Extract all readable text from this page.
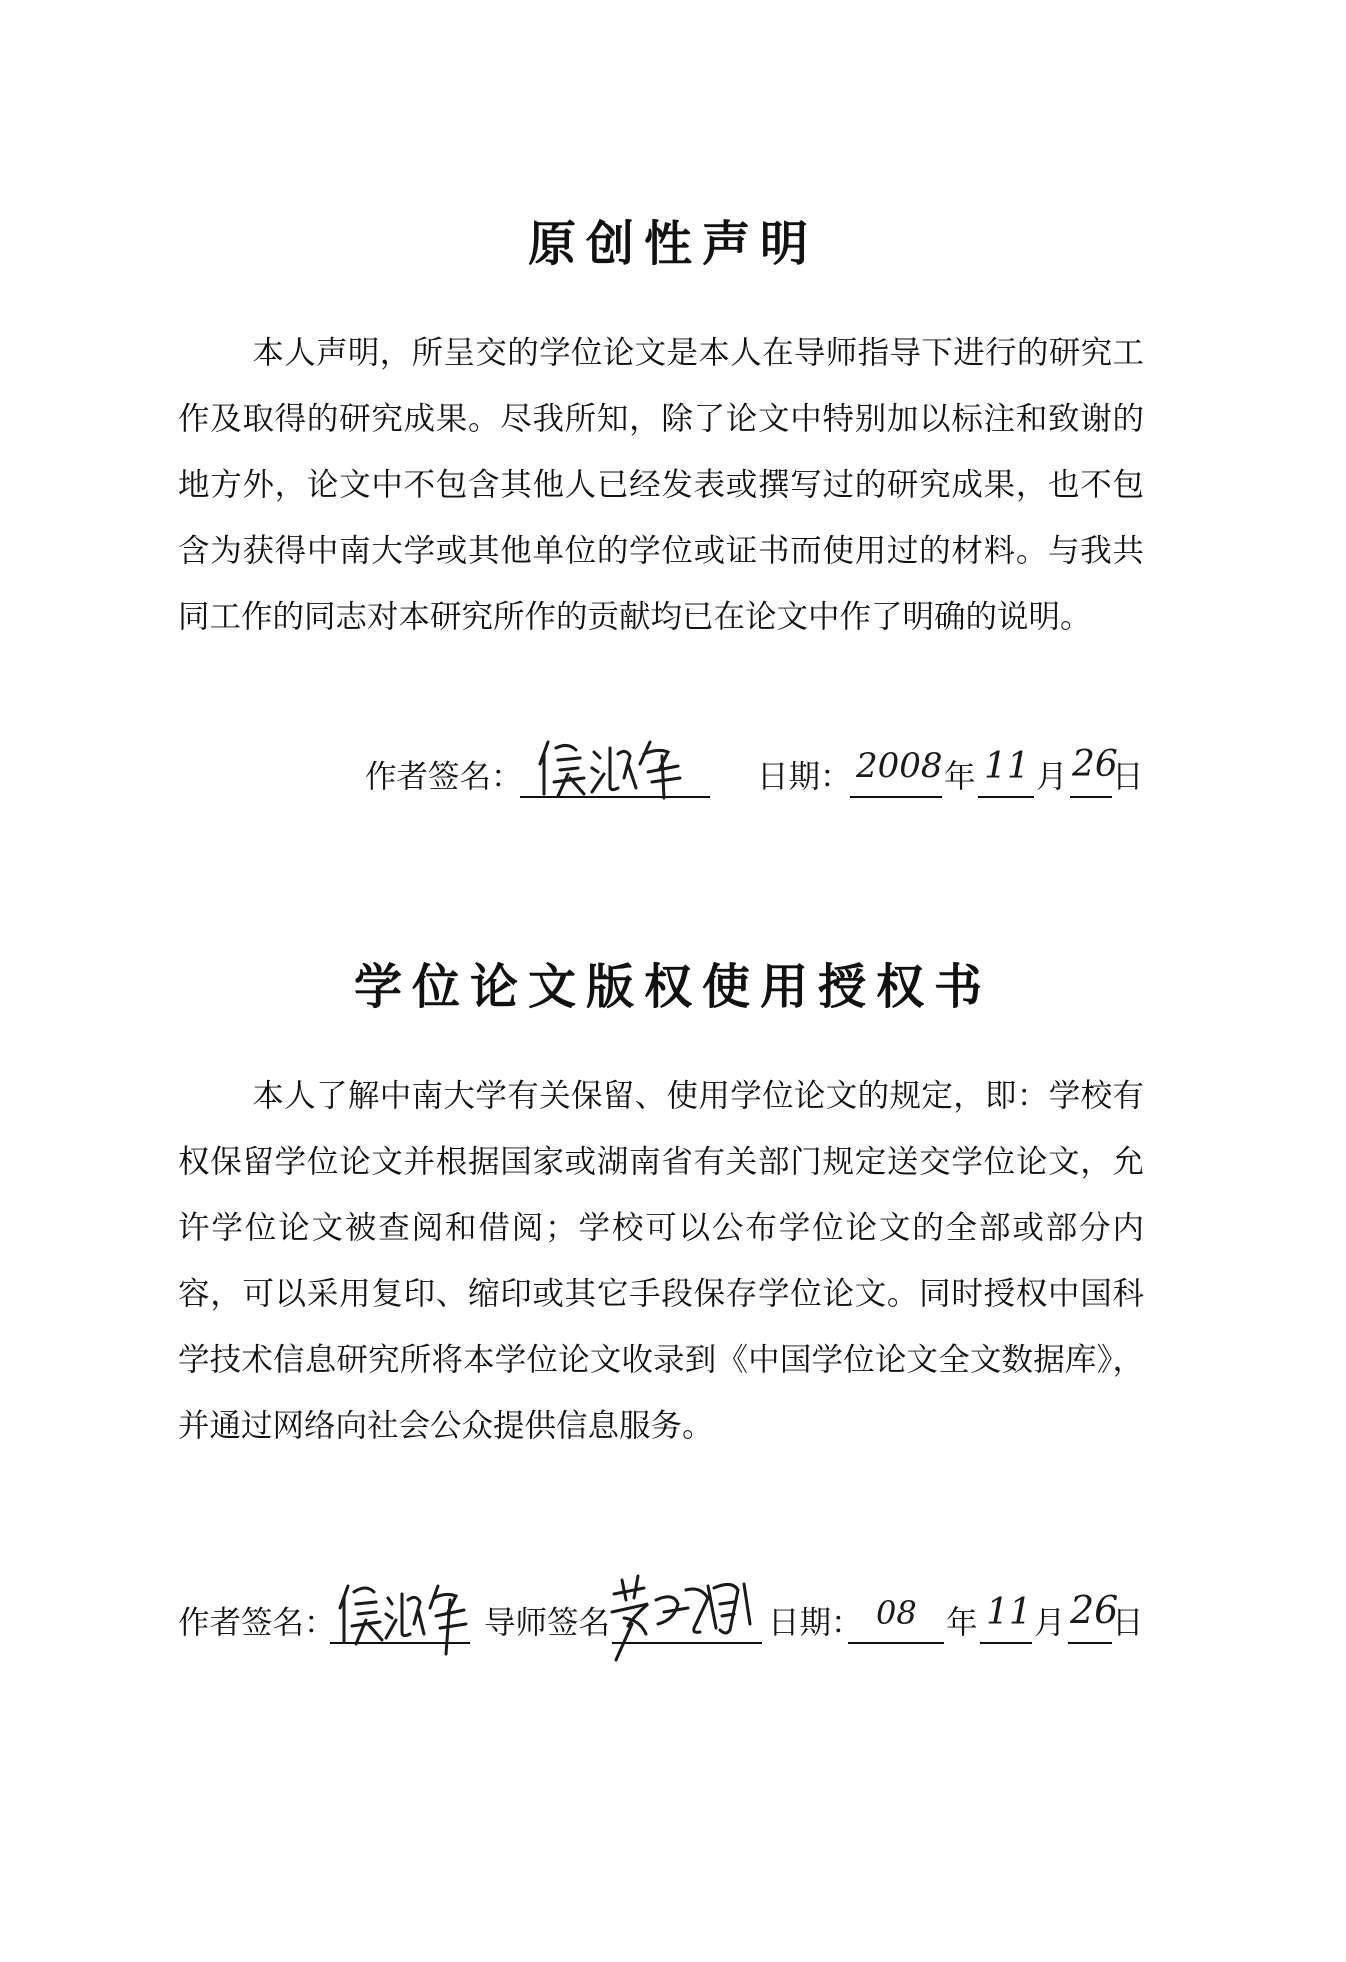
原创性声明

本人声明，所呈交的学位论文是本人在导师指导下进行的研究工作及取得的研究成果。尽我所知，除了论文中特别加以标注和致谢的地方外，论文中不包含其他人已经发表或撰写过的研究成果，也不包含为获得中南大学或其他单位的学位或证书而使用过的材料。与我共同工作的同志对本研究所作的贡献均已在论文中作了明确的说明。

作者签名：	日期： 2008 年 11 月 26
日
学位论文版权使用授权书

本人了解中南大学有关保留、使用学位论文的规定，即：学校有权保留学位论文并根据国家或湖南省有关部门规定送交学位论文，允许学位论文被查阅和借阅；学校可以公布学位论文的全部或部分内容，可以采用复印、缩印或其它手段保存学位论文。同时授权中国科学技术信息研究所将本学位论文收录到《中国学位论文全文数据库》，并通过网络向社会公众提供信息服务。

作者签名：	导师签名	日期： 08 年 11 月 26
日
